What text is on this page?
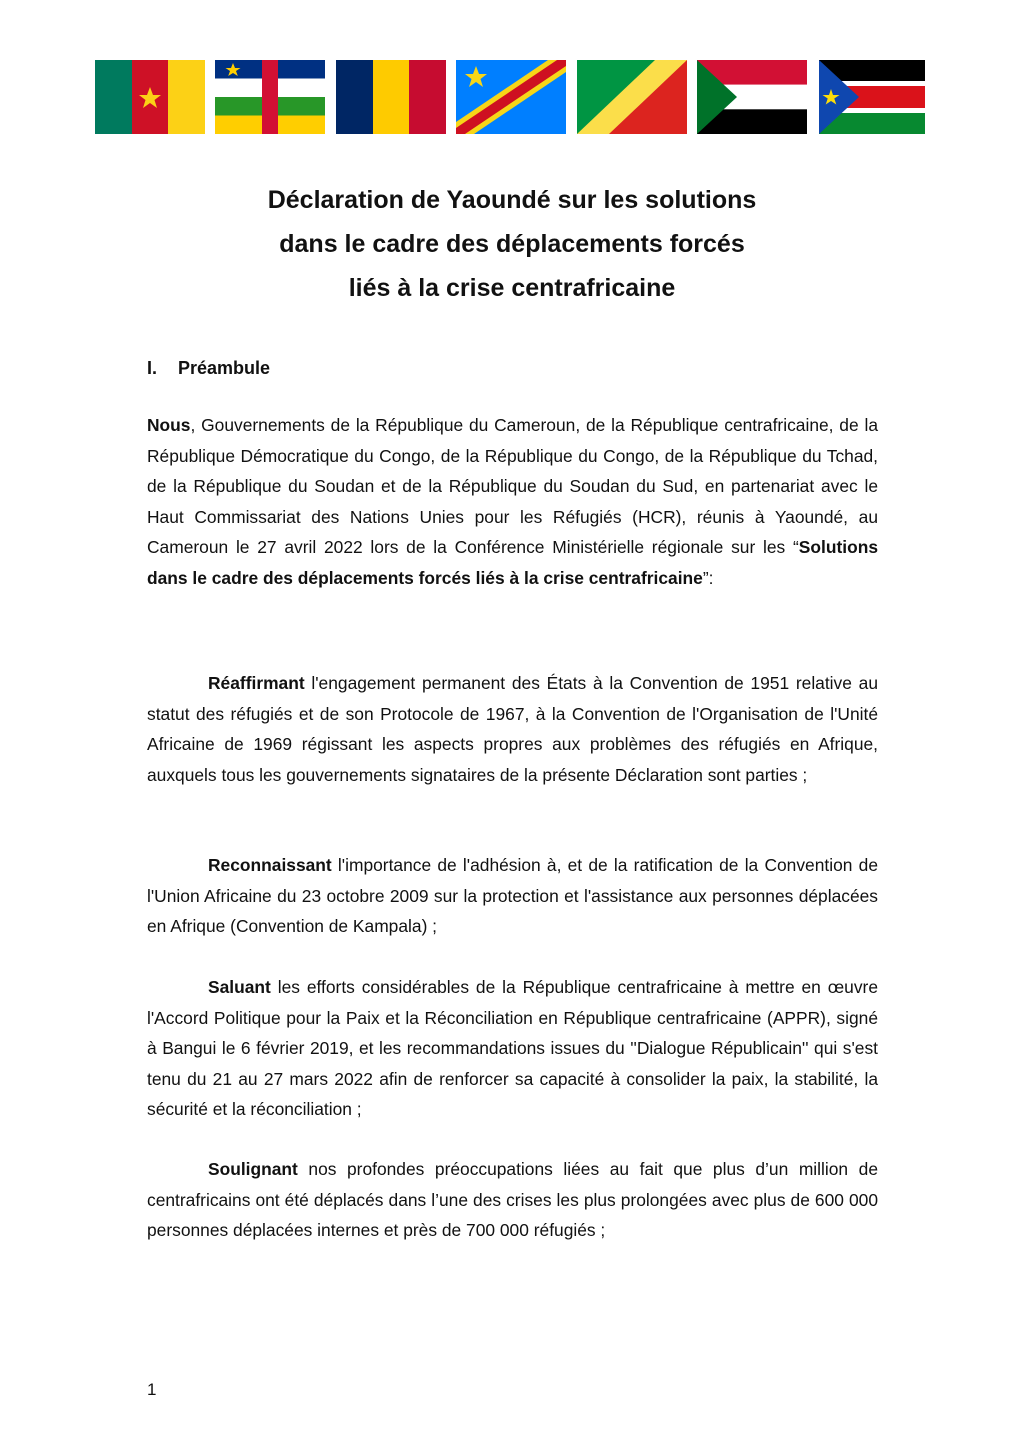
Déclaration de Yaoundé sur les solutions
dans le cadre des déplacements forcés
liés à la crise centrafricaine
I. Préambule

Nous, Gouvernements de la République du Cameroun, de la République centrafricaine, de la République Démocratique du Congo, de la République du Congo, de la République du Tchad, de la République du Soudan et de la République du Soudan du Sud, en partenariat avec le Haut Commissariat des Nations Unies pour les Réfugiés (HCR), réunis à Yaoundé, au Cameroun le 27 avril 2022 lors de la Conférence Ministérielle régionale sur les “Solutions dans le cadre des déplacements forcés liés à la crise centrafricaine”:

Réaffirmant l'engagement permanent des États à la Convention de 1951 relative au statut des réfugiés et de son Protocole de 1967, à la Convention de l'Organisation de l'Unité Africaine de 1969 régissant les aspects propres aux problèmes des réfugiés en Afrique, auxquels tous les gouvernements signataires de la présente Déclaration sont parties ;

Reconnaissant l'importance de l'adhésion à, et de la ratification de la Convention de l'Union Africaine du 23 octobre 2009 sur la protection et l'assistance aux personnes déplacées en Afrique (Convention de Kampala) ;

Saluant les efforts considérables de la République centrafricaine à mettre en œuvre l'Accord Politique pour la Paix et la Réconciliation en République centrafricaine (APPR), signé à Bangui le 6 février 2019, et les recommandations issues du ''Dialogue Républicain'' qui s'est tenu du 21 au 27 mars 2022 afin de renforcer sa capacité à consolider la paix, la stabilité, la sécurité et la réconciliation ;

Soulignant nos profondes préoccupations liées au fait que plus d’un million de centrafricains ont été déplacés dans l’une des crises les plus prolongées avec plus de 600 000 personnes déplacées internes et près de 700 000 réfugiés ;

1
